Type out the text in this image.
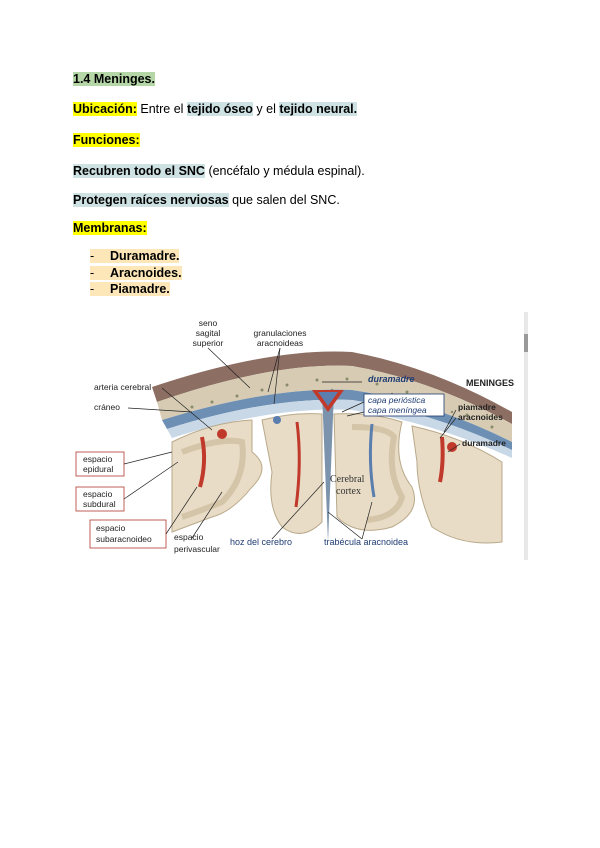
1.4 Meninges.
Ubicación: Entre el tejido óseo y el tejido neural.
Funciones:
Recubren todo el SNC (encéfalo y médula espinal).
Protegen raíces nerviosas que salen del SNC.
Membranas:
-	Duramadre.
-	Aracnoides.
-	Piamadre.
seno
sagital
superior
granulaciones
aracnoideas
duramadre	MENINGES
capa perióstica
capa meníngea
arteria cerebral
cráneo	piamadre
aracnoides
duramadre
espacio
epidural
espacio
subdural
espacio
subaracnoideo	espacio
perivascular
hoz del cerebro	trabécula aracnoidea
Cerebral
cortex
